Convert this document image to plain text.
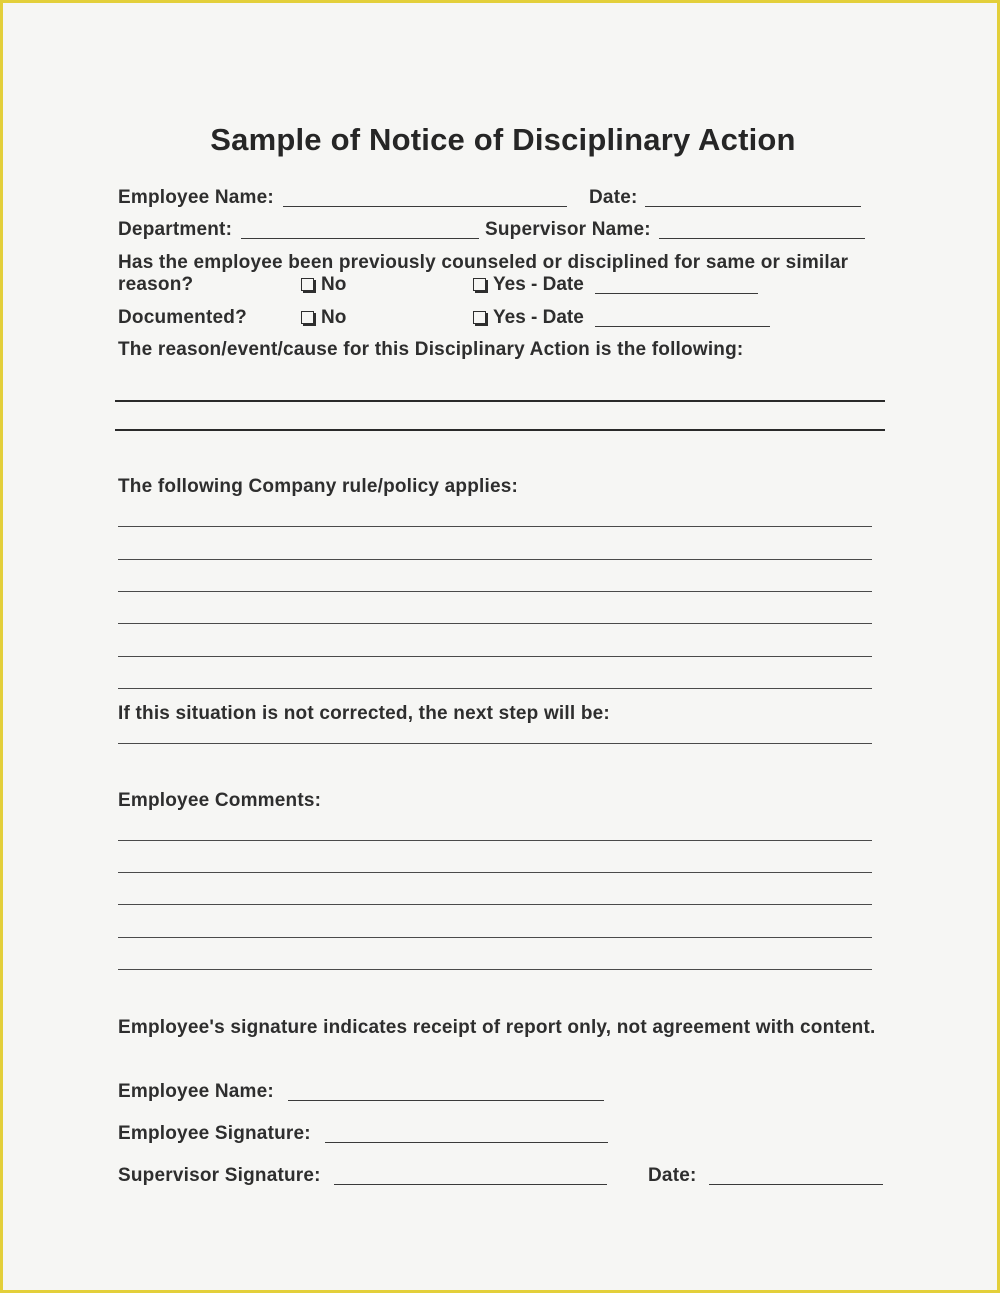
Sample of Notice of Disciplinary Action
Employee Name:	Date:
Department:	Supervisor Name:
Has the employee been previously counseled or disciplined for same or similar
reason?	No	Yes - Date
Documented?	No	Yes - Date
The reason/event/cause for this Disciplinary Action is the following:
The following Company rule/policy applies:
If this situation is not corrected, the next step will be:
Employee Comments:
Employee's signature indicates receipt of report only, not agreement with content.
Employee Name:
Employee Signature:
Supervisor Signature:	Date:
